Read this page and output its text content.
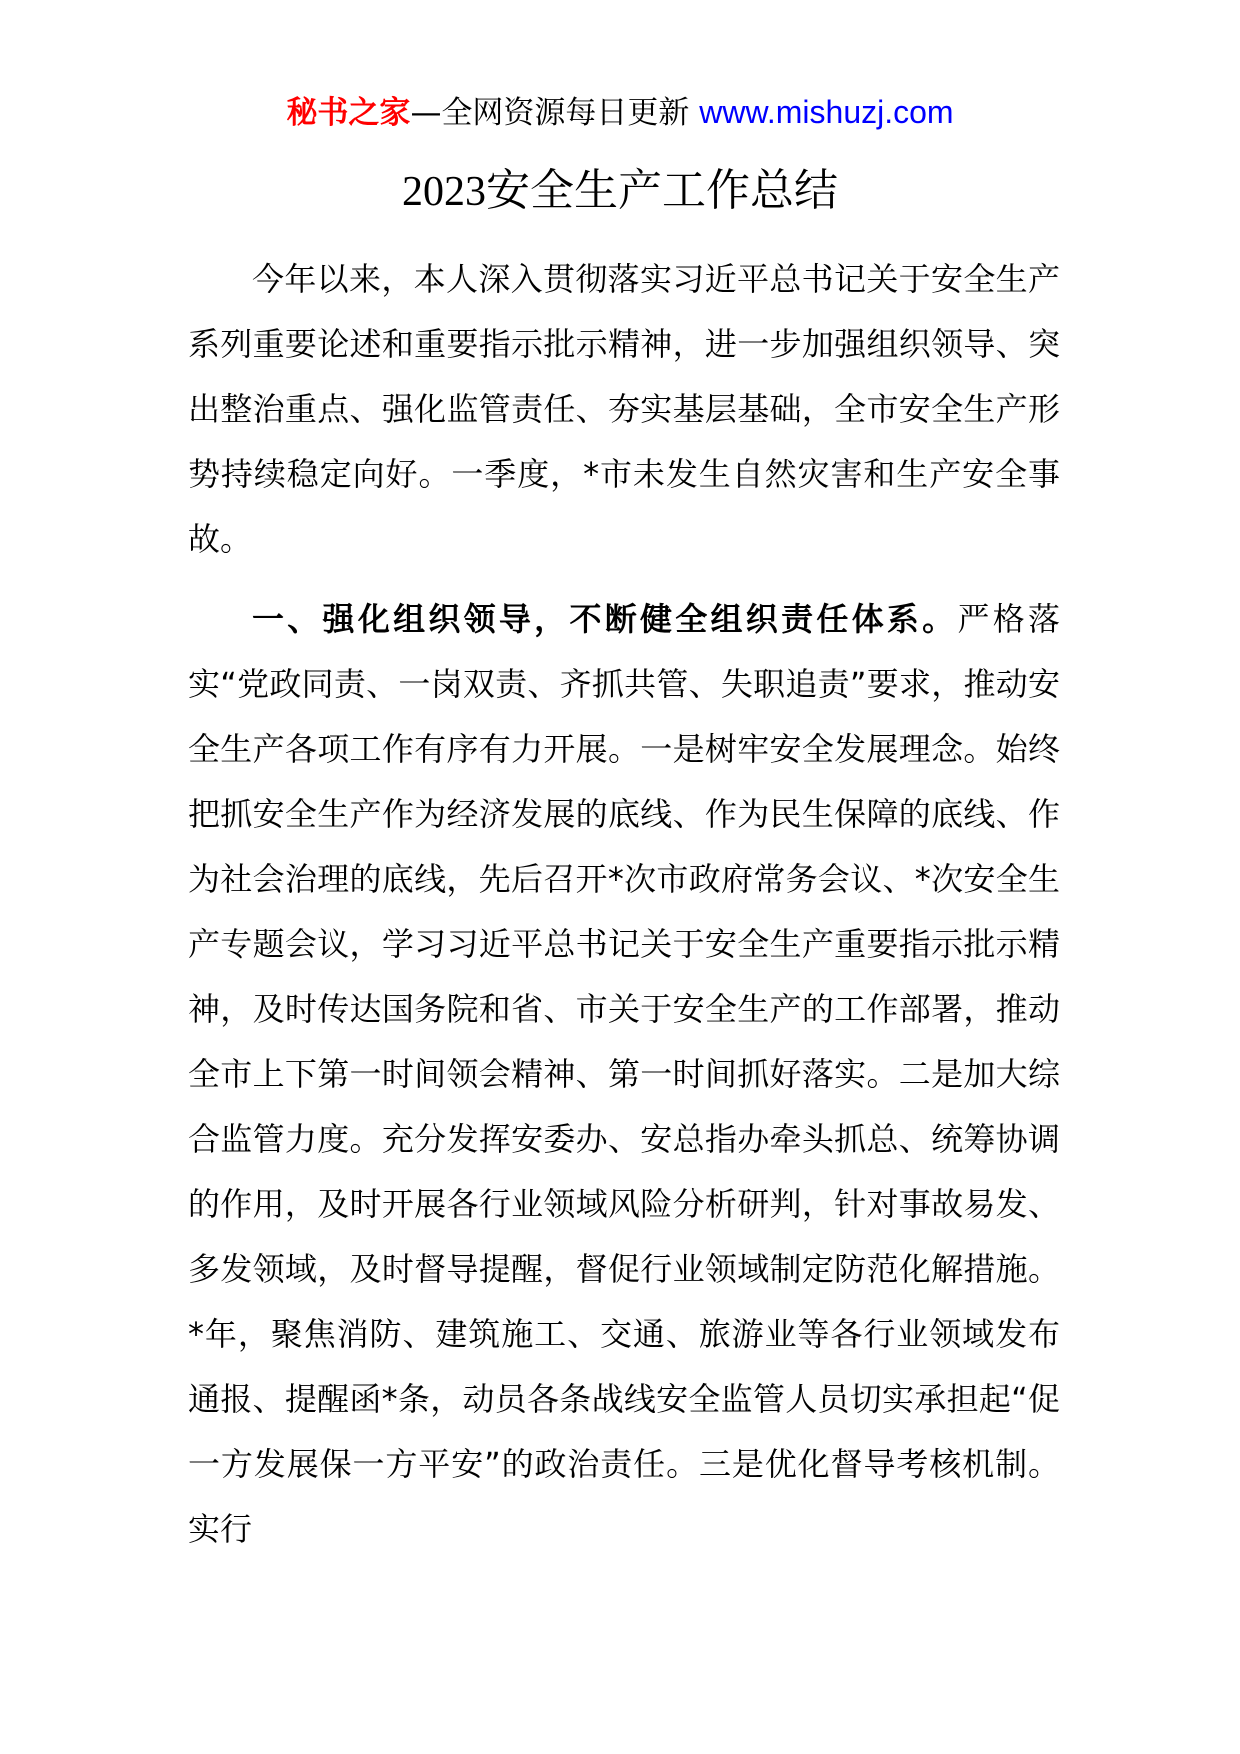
秘书之家—全网资源每日更新 www.mishuzj.com
2023安全生产工作总结

今年以来，本人深入贯彻落实习近平总书记关于安全生产系列重要论述和重要指示批示精神，进一步加强组织领导、突出整治重点、强化监管责任、夯实基层基础，全市安全生产形势持续稳定向好。一季度，*市未发生自然灾害和生产安全事故。

一、强化组织领导，不断健全组织责任体系。严格落实“党政同责、一岗双责、齐抓共管、失职追责”要求，推动安全生产各项工作有序有力开展。一是树牢安全发展理念。始终把抓安全生产作为经济发展的底线、作为民生保障的底线、作为社会治理的底线，先后召开*次市政府常务会议、*次安全生产专题会议，学习习近平总书记关于安全生产重要指示批示精神，及时传达国务院和省、市关于安全生产的工作部署，推动全市上下第一时间领会精神、第一时间抓好落实。二是加大综合监管力度。充分发挥安委办、安总指办牵头抓总、统筹协调的作用，及时开展各行业领域风险分析研判，针对事故易发、多发领域，及时督导提醒，督促行业领域制定防范化解措施。*年，聚焦消防、建筑施工、交通、旅游业等各行业领域发布通报、提醒函*条，动员各条战线安全监管人员切实承担起“促一方发展保一方平安”的政治责任。三是优化督导考核机制。实行
